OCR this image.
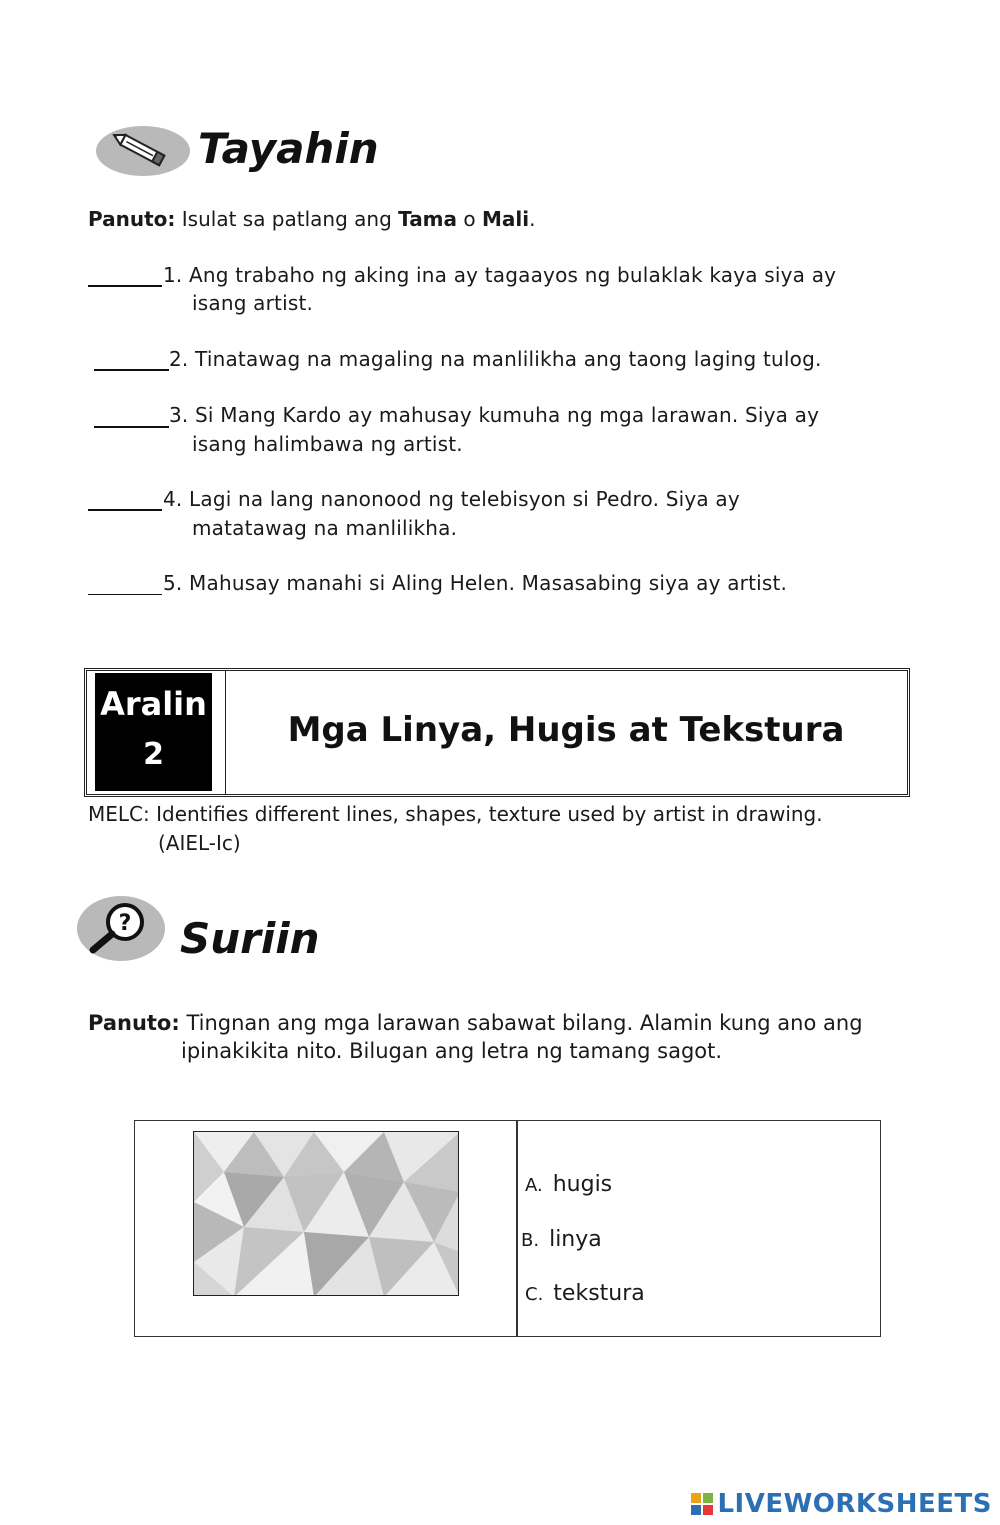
Tayahin
Panuto: Isulat sa patlang ang Tama o Mali.
1. Ang trabaho ng aking ina ay tagaayos ng bulaklak kaya siya ay
isang artist.
2. Tinatawag na magaling na manlilikha ang taong laging tulog.
3. Si Mang Kardo ay mahusay kumuha ng mga larawan. Siya ay
isang halimbawa ng artist.
4. Lagi na lang nanonood ng telebisyon si Pedro. Siya ay
matatawag na manlilikha.
5. Mahusay manahi si Aling Helen. Masasabing siya ay artist.
Aralin
2
Mga Linya, Hugis at Tekstura
MELC: Identifies different lines, shapes, texture used by artist in drawing.
(AIEL-Ic)
? Suriin
Panuto: Tingnan ang mga larawan sabawat bilang. Alamin kung ano ang
ipinakikita nito. Bilugan ang letra ng tamang sagot.
A. hugis
B. linya
C. tekstura
LIVEWORKSHEETS
